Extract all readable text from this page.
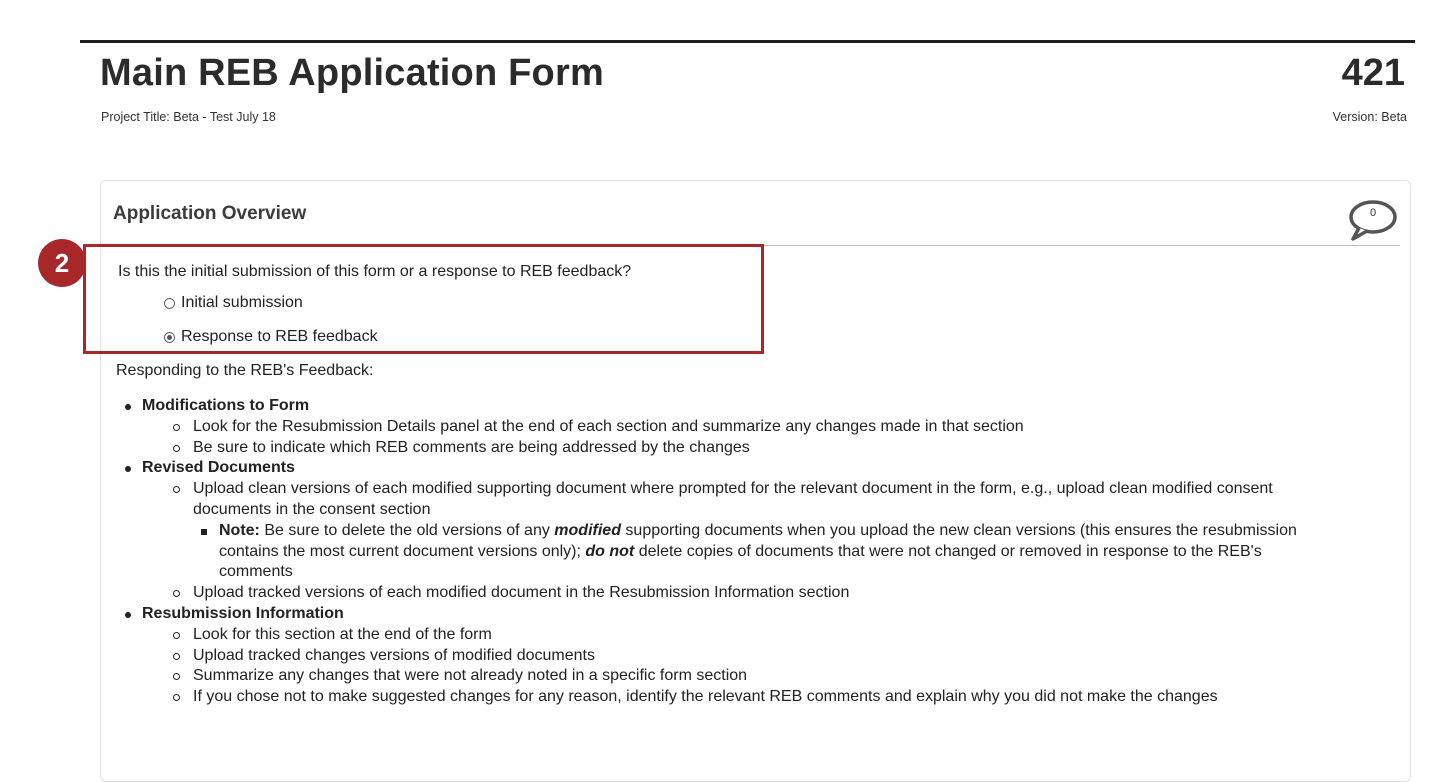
Main REB Application Form
Project Title: Beta - Test July 18
421
Version: Beta
Application Overview	0
2	Is this the initial submission of this form or a response to REB feedback?
Initial submission
Response to REB feedback
Responding to the REB's Feedback:
Modifications to Form
Look for the Resubmission Details panel at the end of each section and summarize any changes made in that section
Be sure to indicate which REB comments are being addressed by the changes
Revised Documents
Upload clean versions of each modified supporting document where prompted for the relevant document in the form, e.g., upload clean modified consent documents in the consent section
Note: Be sure to delete the old versions of any modified supporting documents when you upload the new clean versions (this ensures the resubmission contains the most current document versions only); do not delete copies of documents that were not changed or removed in response to the REB's comments
Upload tracked versions of each modified document in the Resubmission Information section
Resubmission Information
Look for this section at the end of the form
Upload tracked changes versions of modified documents
Summarize any changes that were not already noted in a specific form section
If you chose not to make suggested changes for any reason, identify the relevant REB comments and explain why you did not make the changes
